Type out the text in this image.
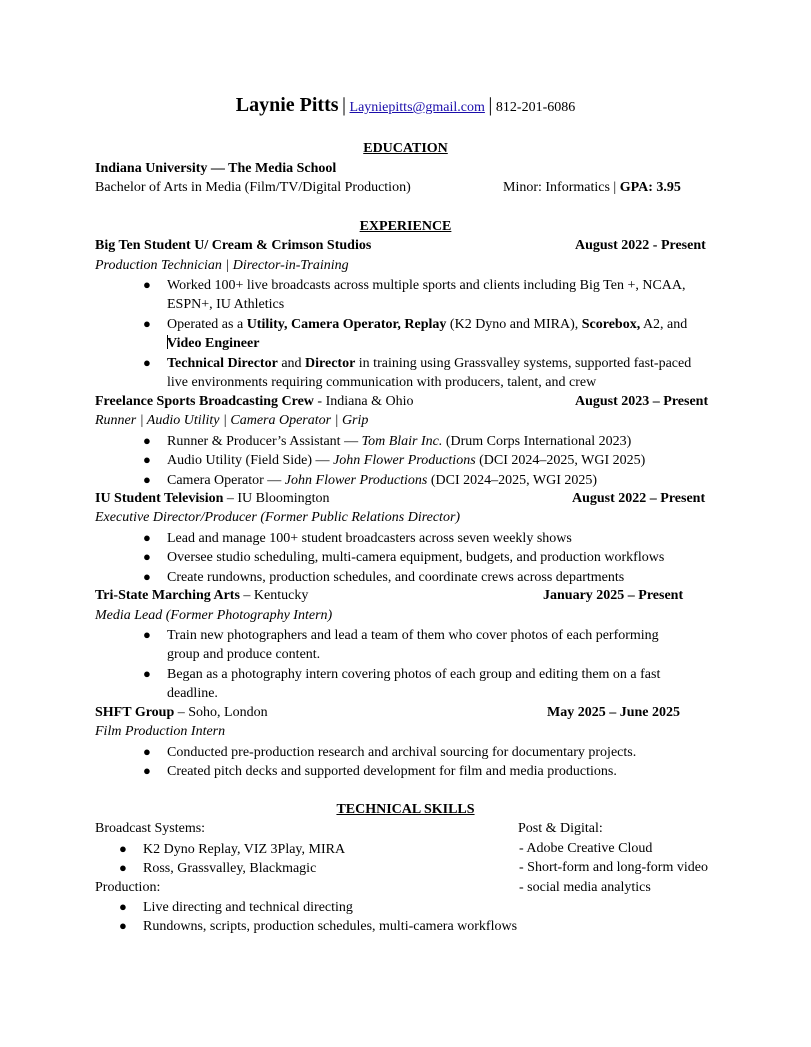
Laynie Pitts | Layniepitts@gmail.com | 812-201-6086
EDUCATION
Indiana University — The Media School
Bachelor of Arts in Media (Film/TV/Digital Production)	Minor: Informatics | GPA: 3.95
EXPERIENCE
Big Ten Student U/ Cream & Crimson Studios	August 2022 - Present
Production Technician | Director-in-Training
● Worked 100+ live broadcasts across multiple sports and clients including Big Ten +, NCAA,
ESPN+, IU Athletics
● Operated as a Utility, Camera Operator, Replay (K2 Dyno and MIRA), Scorebox, A2, and
Video Engineer
● Technical Director and Director in training using Grassvalley systems, supported fast-paced
live environments requiring communication with producers, talent, and crew
Freelance Sports Broadcasting Crew - Indiana & Ohio	August 2023 – Present
Runner | Audio Utility | Camera Operator | Grip
● Runner & Producer’s Assistant — Tom Blair Inc. (Drum Corps International 2023)
● Audio Utility (Field Side) — John Flower Productions (DCI 2024–2025, WGI 2025)
● Camera Operator — John Flower Productions (DCI 2024–2025, WGI 2025)
IU Student Television – IU Bloomington	August 2022 – Present
Executive Director/Producer (Former Public Relations Director)
● Lead and manage 100+ student broadcasters across seven weekly shows
● Oversee studio scheduling, multi-camera equipment, budgets, and production workflows
● Create rundowns, production schedules, and coordinate crews across departments
Tri-State Marching Arts – Kentucky	January 2025 – Present
Media Lead (Former Photography Intern)
● Train new photographers and lead a team of them who cover photos of each performing
group and produce content.
● Began as a photography intern covering photos of each group and editing them on a fast
deadline.
SHFT Group – Soho, London	May 2025 – June 2025
Film Production Intern
● Conducted pre-production research and archival sourcing for documentary projects.
● Created pitch decks and supported development for film and media productions.
TECHNICAL SKILLS
Broadcast Systems:
● K2 Dyno Replay, VIZ 3Play, MIRA
● Ross, Grassvalley, Blackmagic
Production:
● Live directing and technical directing
● Rundowns, scripts, production schedules, multi-camera workflows
Post & Digital:
- Adobe Creative Cloud
- Short-form and long-form video
- social media analytics
